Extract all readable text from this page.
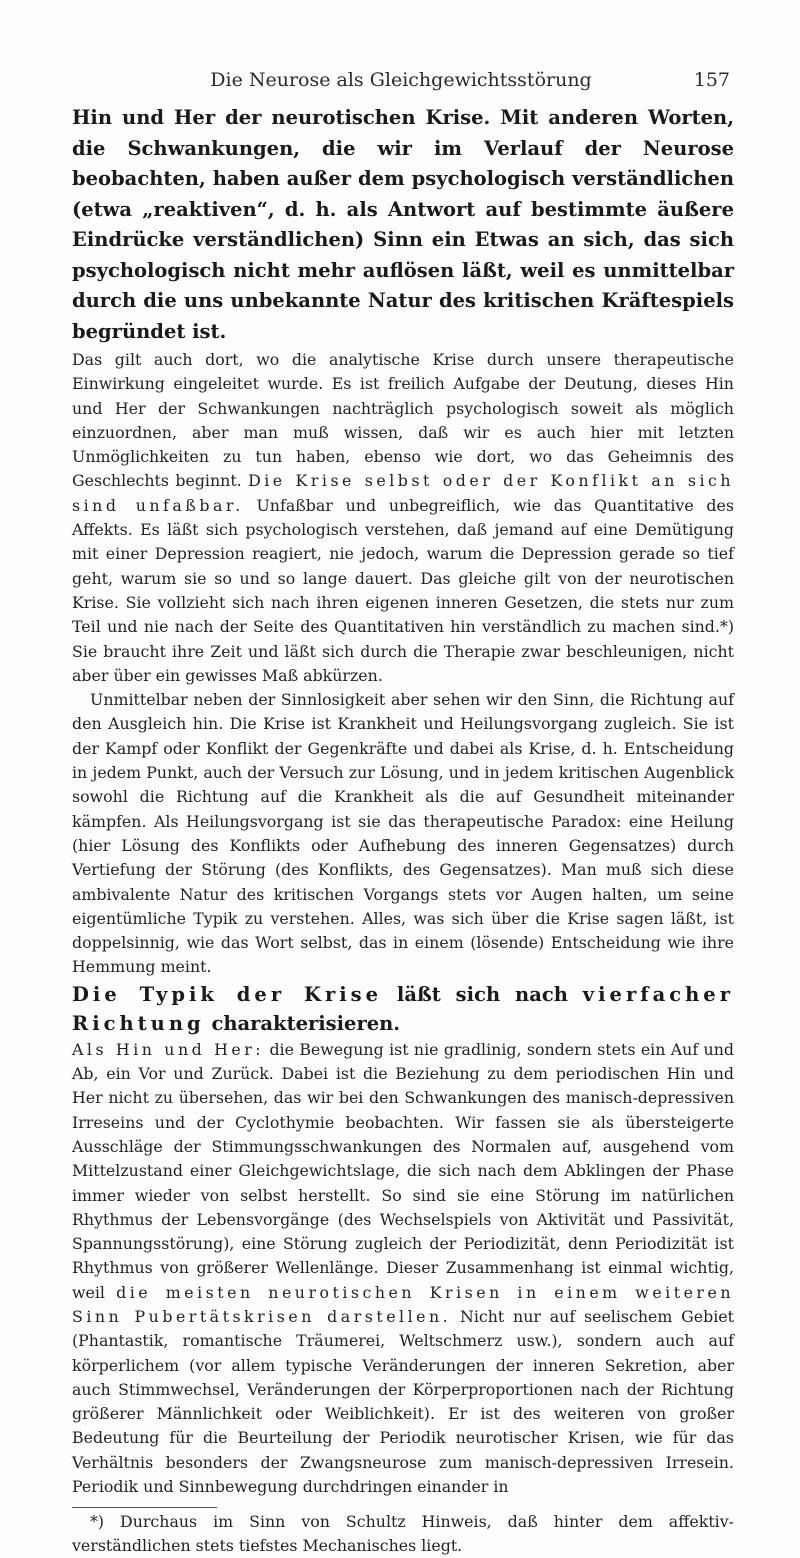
Die Neurose als Gleichgewichtsstörung	157

Hin und Her der neurotischen Krise. Mit anderen Worten, die Schwankungen, die wir im Verlauf der Neurose beobachten, haben außer dem psychologisch verständlichen (etwa „reaktiven“, d. h. als Antwort auf bestimmte äußere Eindrücke verständlichen) Sinn ein Etwas an sich, das sich psychologisch nicht mehr auflösen läßt, weil es unmittelbar durch die uns unbekannte Natur des kritischen Kräftespiels begründet ist.

Das gilt auch dort, wo die analytische Krise durch unsere therapeutische Einwirkung eingeleitet wurde. Es ist freilich Aufgabe der Deutung, dieses Hin und Her der Schwankungen nachträglich psychologisch soweit als möglich einzuordnen, aber man muß wissen, daß wir es auch hier mit letzten Unmöglichkeiten zu tun haben, ebenso wie dort, wo das Geheimnis des Geschlechts beginnt. Die Krise selbst oder der Konflikt an sich sind unfaßbar. Unfaßbar und unbegreiflich, wie das Quantitative des Affekts. Es läßt sich psychologisch verstehen, daß jemand auf eine Demütigung mit einer Depression reagiert, nie jedoch, warum die Depression gerade so tief geht, warum sie so und so lange dauert. Das gleiche gilt von der neurotischen Krise. Sie vollzieht sich nach ihren eigenen inneren Gesetzen, die stets nur zum Teil und nie nach der Seite des Quantitativen hin verständlich zu machen sind.*) Sie braucht ihre Zeit und läßt sich durch die Therapie zwar beschleunigen, nicht aber über ein gewisses Maß abkürzen.

Unmittelbar neben der Sinnlosigkeit aber sehen wir den Sinn, die Richtung auf den Ausgleich hin. Die Krise ist Krankheit und Heilungsvorgang zugleich. Sie ist der Kampf oder Konflikt der Gegenkräfte und dabei als Krise, d. h. Entscheidung in jedem Punkt, auch der Versuch zur Lösung, und in jedem kritischen Augenblick sowohl die Richtung auf die Krankheit als die auf Gesundheit miteinander kämpfen. Als Heilungsvorgang ist sie das therapeutische Paradox: eine Heilung (hier Lösung des Konflikts oder Aufhebung des inneren Gegensatzes) durch Vertiefung der Störung (des Konflikts, des Gegensatzes). Man muß sich diese ambivalente Natur des kritischen Vorgangs stets vor Augen halten, um seine eigentümliche Typik zu verstehen. Alles, was sich über die Krise sagen läßt, ist doppelsinnig, wie das Wort selbst, das in einem (lösende) Entscheidung wie ihre Hemmung meint.

Die Typik der Krise läßt sich nach vierfacher Richtung charakterisieren.

Als Hin und Her: die Bewegung ist nie gradlinig, sondern stets ein Auf und Ab, ein Vor und Zurück. Dabei ist die Beziehung zu dem periodischen Hin und Her nicht zu übersehen, das wir bei den Schwankungen des manisch-depressiven Irreseins und der Cyclothymie beobachten. Wir fassen sie als übersteigerte Ausschläge der Stimmungsschwankungen des Normalen auf, ausgehend vom Mittelzustand einer Gleichgewichtslage, die sich nach dem Abklingen der Phase immer wieder von selbst herstellt. So sind sie eine Störung im natürlichen Rhythmus der Lebensvorgänge (des Wechselspiels von Aktivität und Passivität, Spannungsstörung), eine Störung zugleich der Periodizität, denn Periodizität ist Rhythmus von größerer Wellenlänge. Dieser Zusammenhang ist einmal wichtig, weil die meisten neurotischen Krisen in einem weiteren Sinn Pubertätskrisen darstellen. Nicht nur auf seelischem Gebiet (Phantastik, romantische Träumerei, Weltschmerz usw.), sondern auch auf körperlichem (vor allem typische Veränderungen der inneren Sekretion, aber auch Stimmwechsel, Veränderungen der Körperproportionen nach der Richtung größerer Männlichkeit oder Weiblichkeit). Er ist des weiteren von großer Bedeutung für die Beurteilung der Periodik neurotischer Krisen, wie für das Verhältnis besonders der Zwangsneurose zum manisch-depressiven Irresein. Periodik und Sinnbewegung durchdringen einander in

*) Durchaus im Sinn von Schultz Hinweis, daß hinter dem affektiv-verständlichen stets tiefstes Mechanisches liegt.
